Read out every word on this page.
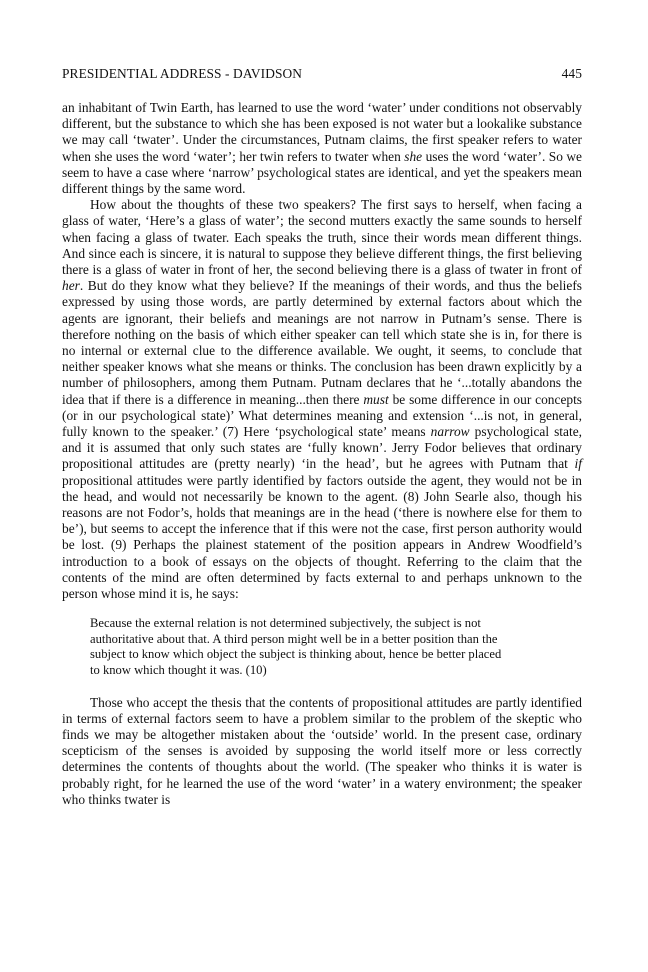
PRESIDENTIAL ADDRESS - DAVIDSON	445

an inhabitant of Twin Earth, has learned to use the word ‘water’ under conditions not observably different, but the substance to which she has been exposed is not water but a lookalike substance we may call ‘twater’. Under the circumstances, Putnam claims, the first speaker refers to water when she uses the word ‘water’; her twin refers to twater when she uses the word ‘water’. So we seem to have a case where ‘narrow’ psychological states are identical, and yet the speakers mean different things by the same word.

How about the thoughts of these two speakers? The first says to herself, when facing a glass of water, ‘Here’s a glass of water’; the second mutters exactly the same sounds to herself when facing a glass of twater. Each speaks the truth, since their words mean different things. And since each is sincere, it is natural to suppose they believe different things, the first believing there is a glass of water in front of her, the second believing there is a glass of twater in front of her. But do they know what they believe? If the meanings of their words, and thus the beliefs expressed by using those words, are partly determined by external factors about which the agents are ignorant, their beliefs and meanings are not narrow in Putnam’s sense. There is therefore nothing on the basis of which either speaker can tell which state she is in, for there is no internal or external clue to the difference available. We ought, it seems, to conclude that neither speaker knows what she means or thinks. The conclusion has been drawn explicitly by a number of philosophers, among them Putnam. Putnam declares that he ‘...totally abandons the idea that if there is a difference in meaning...then there must be some difference in our concepts (or in our psychological state)’ What determines meaning and extension ‘...is not, in general, fully known to the speaker.’ (7) Here ‘psychological state’ means narrow psychological state, and it is assumed that only such states are ‘fully known’. Jerry Fodor believes that ordinary propositional attitudes are (pretty nearly) ‘in the head’, but he agrees with Putnam that if propositional attitudes were partly identified by factors outside the agent, they would not be in the head, and would not necessarily be known to the agent. (8) John Searle also, though his reasons are not Fodor’s, holds that meanings are in the head (‘there is nowhere else for them to be’), but seems to accept the inference that if this were not the case, first person authority would be lost. (9) Perhaps the plainest statement of the position appears in Andrew Woodfield’s introduction to a book of essays on the objects of thought. Referring to the claim that the contents of the mind are often determined by facts external to and perhaps unknown to the person whose mind it is, he says:

Because the external relation is not determined subjectively, the subject is not authoritative about that. A third person might well be in a better position than the subject to know which object the subject is thinking about, hence be better placed to know which thought it was. (10)

Those who accept the thesis that the contents of propositional attitudes are partly identified in terms of external factors seem to have a problem similar to the problem of the skeptic who finds we may be altogether mistaken about the ‘outside’ world. In the present case, ordinary scepticism of the senses is avoided by supposing the world itself more or less correctly determines the contents of thoughts about the world. (The speaker who thinks it is water is probably right, for he learned the use of the word ‘water’ in a watery environment; the speaker who thinks twater is
